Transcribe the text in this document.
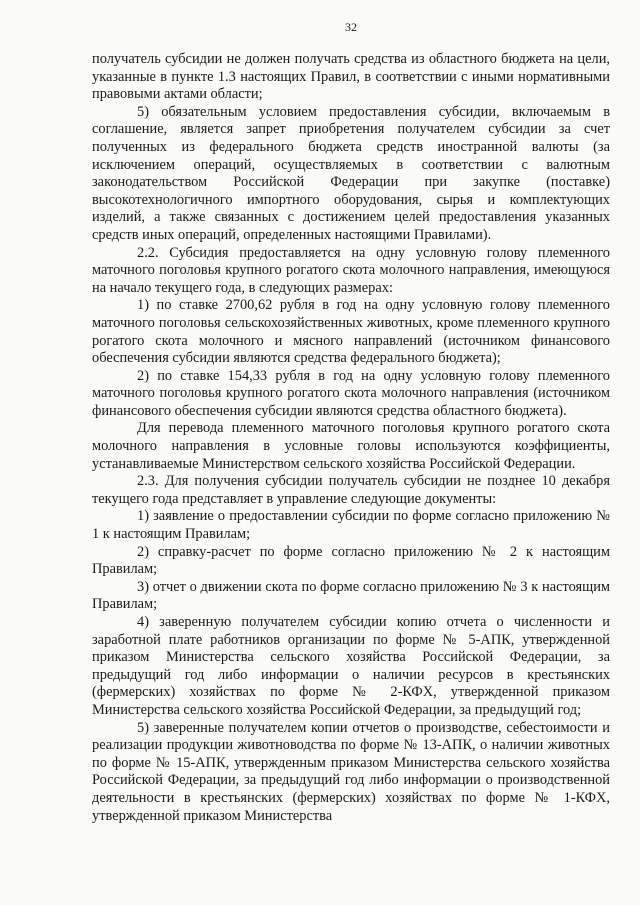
32

получатель субсидии не должен получать средства из областного бюджета на цели, указанные в пункте 1.3 настоящих Правил, в соответствии с иными нормативными правовыми актами области;

5) обязательным условием предоставления субсидии, включаемым в соглашение, является запрет приобретения получателем субсидии за счет полученных из федерального бюджета средств иностранной валюты (за исключением операций, осуществляемых в соответствии с валютным законодательством Российской Федерации при закупке (поставке) высокотехнологичного импортного оборудования, сырья и комплектующих изделий, а также связанных с достижением целей предоставления указанных средств иных операций, определенных настоящими Правилами).

2.2. Субсидия предоставляется на одну условную голову племенного маточного поголовья крупного рогатого скота молочного направления, имеющуюся на начало текущего года, в следующих размерах:

1) по ставке 2700,62 рубля в год на одну условную голову племенного маточного поголовья сельскохозяйственных животных, кроме племенного крупного рогатого скота молочного и мясного направлений (источником финансового обеспечения субсидии являются средства федерального бюджета);

2) по ставке 154,33 рубля в год на одну условную голову племенного маточного поголовья крупного рогатого скота молочного направления (источником финансового обеспечения субсидии являются средства областного бюджета).

Для перевода племенного маточного поголовья крупного рогатого скота молочного направления в условные головы используются коэффициенты, устанавливаемые Министерством сельского хозяйства Российской Федерации.

2.3. Для получения субсидии получатель субсидии не позднее 10 декабря текущего года представляет в управление следующие документы:

1) заявление о предоставлении субсидии по форме согласно приложению № 1 к настоящим Правилам;

2) справку-расчет по форме согласно приложению № 2 к настоящим Правилам;

3) отчет о движении скота по форме согласно приложению № 3 к настоящим Правилам;

4) заверенную получателем субсидии копию отчета о численности и заработной плате работников организации по форме № 5-АПК, утвержденной приказом Министерства сельского хозяйства Российской Федерации, за предыдущий год либо информации о наличии ресурсов в крестьянских (фермерских) хозяйствах по форме № 2-КФХ, утвержденной приказом Министерства сельского хозяйства Российской Федерации, за предыдущий год;

5) заверенные получателем копии отчетов о производстве, себестоимости и реализации продукции животноводства по форме № 13-АПК, о наличии животных по форме № 15-АПК, утвержденным приказом Министерства сельского хозяйства Российской Федерации, за предыдущий год либо информации о производственной деятельности в крестьянских (фермерских) хозяйствах по форме № 1-КФХ, утвержденной приказом Министерства
